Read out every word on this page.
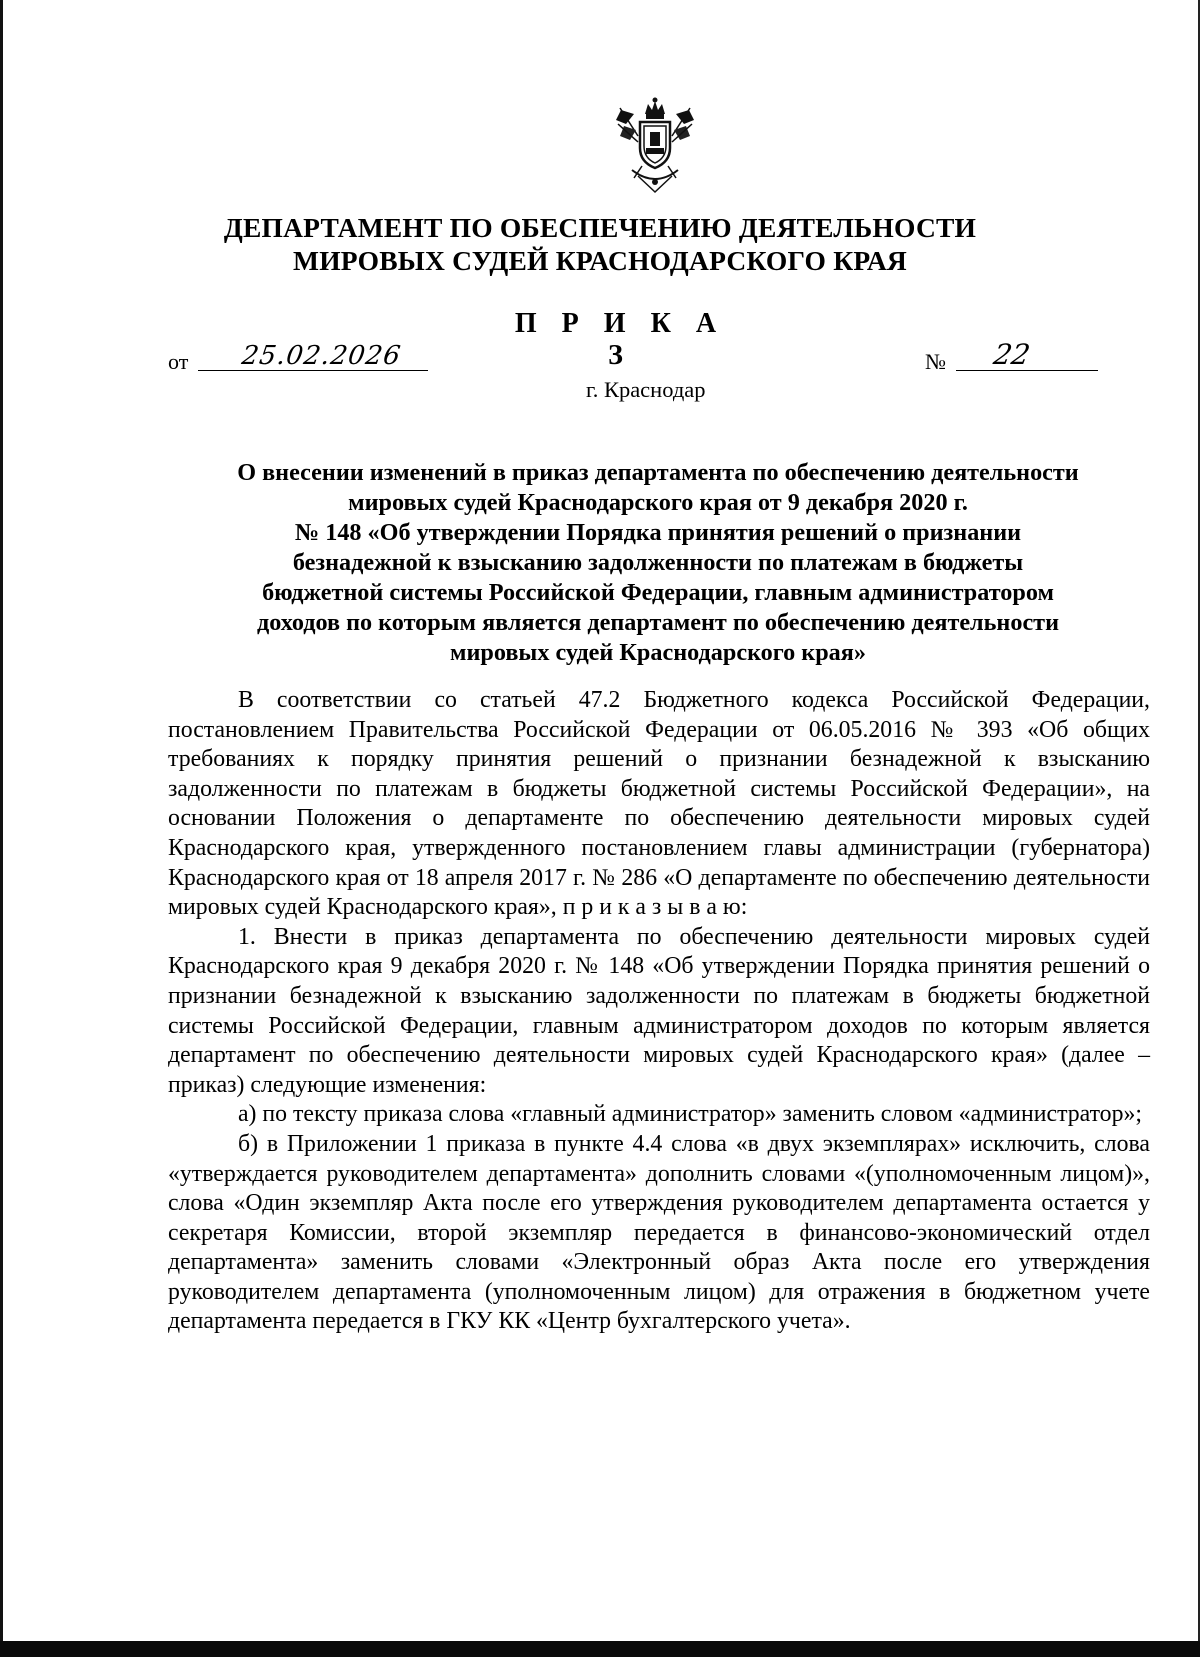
ДЕПАРТАМЕНТ ПО ОБЕСПЕЧЕНИЮ ДЕЯТЕЛЬНОСТИ
МИРОВЫХ СУДЕЙ КРАСНОДАРСКОГО КРАЯ
П Р И К А З
от 25.02.2026	№ 22
г. Краснодар
О внесении изменений в приказ департамента по обеспечению деятельности
мировых судей Краснодарского края от 9 декабря 2020 г.
№ 148 «Об утверждении Порядка принятия решений о признании
безнадежной к взысканию задолженности по платежам в бюджеты
бюджетной системы Российской Федерации, главным администратором
доходов по которым является департамент по обеспечению деятельности
мировых судей Краснодарского края»

В соответствии со статьей 47.2 Бюджетного кодекса Российской Федерации, постановлением Правительства Российской Федерации от 06.05.2016 № 393 «Об общих требованиях к порядку принятия решений о признании безнадежной к взысканию задолженности по платежам в бюджеты бюджетной системы Российской Федерации», на основании Положения о департаменте по обеспечению деятельности мировых судей Краснодарского края, утвержденного постановлением главы администрации (губернатора) Краснодарского края от 18 апреля 2017 г. № 286 «О департаменте по обеспечению деятельности мировых судей Краснодарского края», п р и к а з ы в а ю:

1. Внести в приказ департамента по обеспечению деятельности мировых судей Краснодарского края 9 декабря 2020 г. № 148 «Об утверждении Порядка принятия решений о признании безнадежной к взысканию задолженности по платежам в бюджеты бюджетной системы Российской Федерации, главным администратором доходов по которым является департамент по обеспечению деятельности мировых судей Краснодарского края» (далее – приказ) следующие изменения:

а) по тексту приказа слова «главный администратор» заменить словом «администратор»;

б) в Приложении 1 приказа в пункте 4.4 слова «в двух экземплярах» исключить, слова «утверждается руководителем департамента» дополнить словами «(уполномоченным лицом)», слова «Один экземпляр Акта после его утверждения руководителем департамента остается у секретаря Комиссии, второй экземпляр передается в финансово-экономический отдел департамента» заменить словами «Электронный образ Акта после его утверждения руководителем департамента (уполномоченным лицом) для отражения в бюджетном учете департамента передается в ГКУ КК «Центр бухгалтерского учета».
